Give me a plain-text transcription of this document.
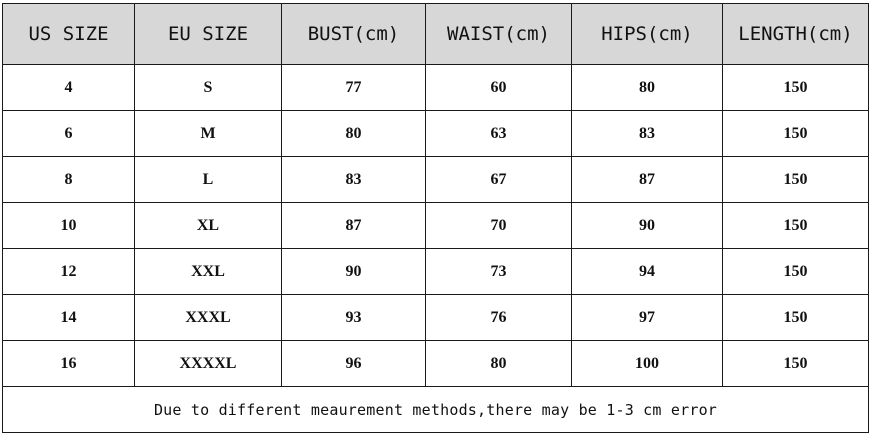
US SIZE	EU SIZE	BUST(cm)	WAIST(cm)	HIPS(cm)	LENGTH(cm)
4	S	77	60	80	150
6	M	80	63	83	150
8	L	83	67	87	150
10	XL	87	70	90	150
12	XXL	90	73	94	150
14	XXXL	93	76	97	150
16	XXXXL	96	80	100	150
Due to different meaurement methods,there may be 1-3 cm error					
